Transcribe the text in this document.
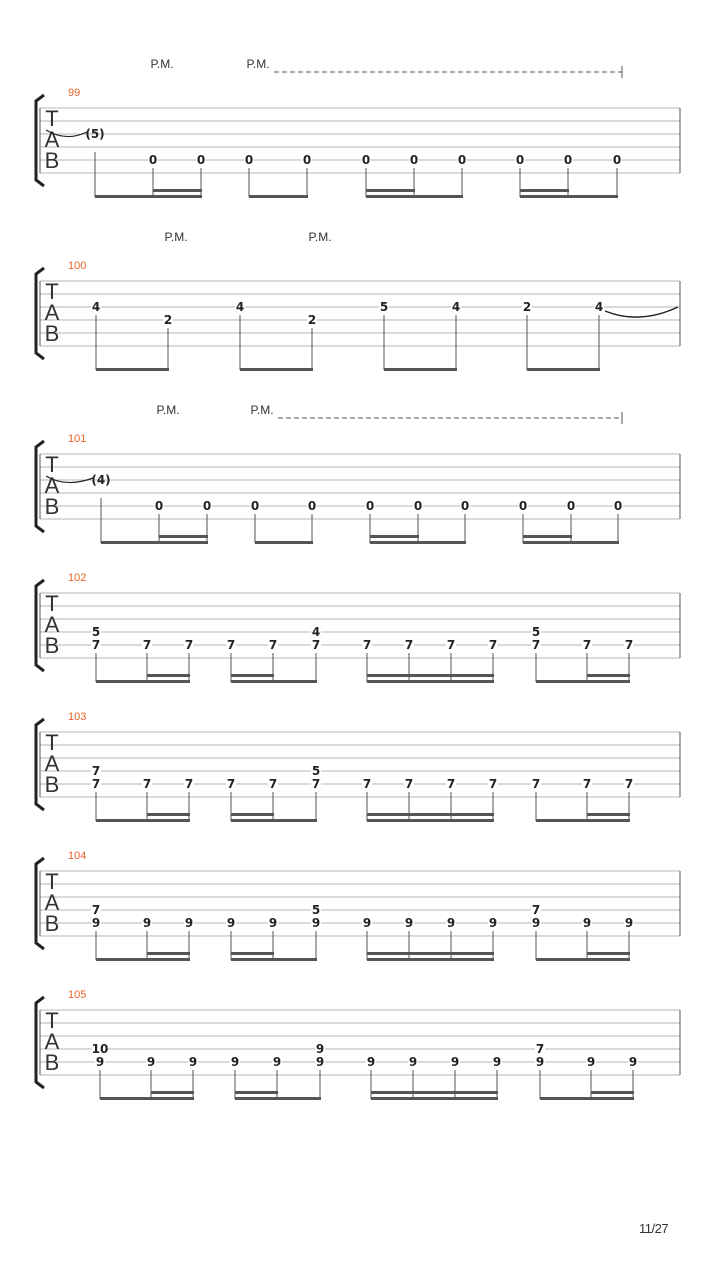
99
P.M.	P.M.
T
A
B
(5)
0	0	0	0	0	0	0	0	0	0
100
P.M.	P.M.
T
A
B
4
2
4
2
5	4	2	4
101
P.M.	P.M.
T
A
B
(4)
0	0	0	0	0	0	0	0	0	0
102
T
A
B
5
7	7	7	7	7
4
7	7	7	7	7
5
7	7	7
103
T
A
B
7
7	7	7	7	7
5
7	7	7	7	7	7	7	7
104
T
A
B
7
9	9	9	9	9
5
9	9	9	9	9
7
9	9	9
105
T
A
B
10
9	9	9	9	9
9
9	9	9	9	9
7
9	9	9
11/27
